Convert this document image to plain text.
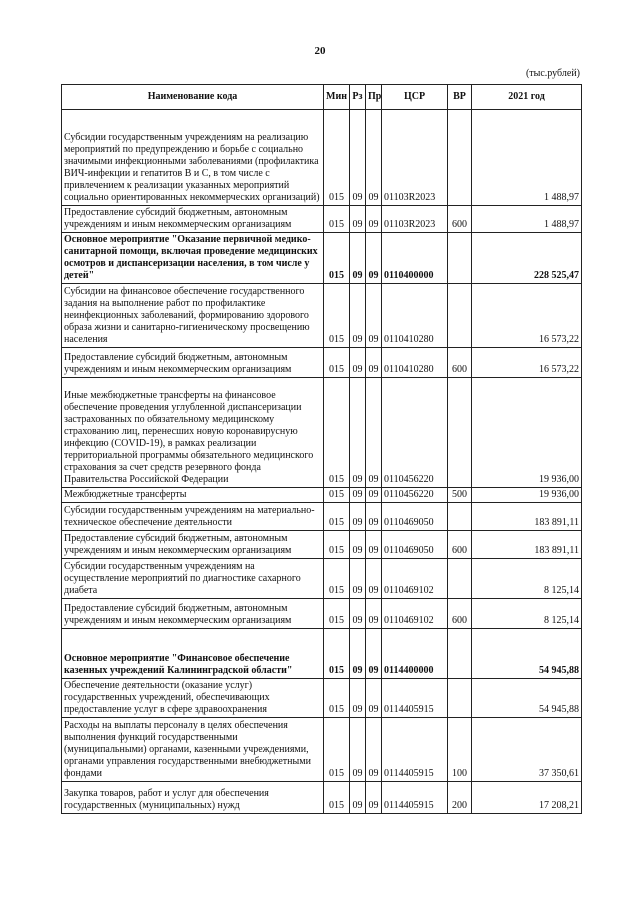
20
(тыс.рублей)
Наименование кода	Мин	Рз	Пр	ЦСР	ВР	2021 год
Субсидии государственным учреждениям на реализацию мероприятий по предупреждению и борьбе с социально значимыми инфекционными заболеваниями (профилактика ВИЧ-инфекции и гепатитов B и C, в том числе с привлечением к реализации указанных мероприятий социально ориентированных некоммерческих организаций)	015	09	09	01103R2023		1 488,97
Предоставление субсидий бюджетным, автономным учреждениям и иным некоммерческим организациям	015	09	09	01103R2023	600	1 488,97
Основное мероприятие "Оказание первичной медико-санитарной помощи, включая проведение медицинских осмотров и диспансеризации населения, в том числе у детей"	015	09	09	0110400000		228 525,47
Субсидии на финансовое обеспечение государственного задания на выполнение работ по профилактике неинфекционных заболеваний, формированию здорового образа жизни и санитарно-гигиеническому просвещению населения	015	09	09	0110410280		16 573,22
Предоставление субсидий бюджетным, автономным учреждениям и иным некоммерческим организациям	015	09	09	0110410280	600	16 573,22
Иные межбюджетные трансферты на финансовое обеспечение проведения углубленной диспансеризации застрахованных по обязательному медицинскому страхованию лиц, перенесших новую коронавирусную инфекцию (COVID-19), в рамках реализации территориальной программы обязательного медицинского страхования за счет средств резервного фонда Правительства Российской Федерации	015	09	09	0110456220		19 936,00
Межбюджетные трансферты	015	09	09	0110456220	500	19 936,00
Субсидии государственным учреждениям на материально-техническое обеспечение деятельности	015	09	09	0110469050		183 891,11
Предоставление субсидий бюджетным, автономным учреждениям и иным некоммерческим организациям	015	09	09	0110469050	600	183 891,11
Субсидии государственным учреждениям на осуществление мероприятий по диагностике сахарного диабета	015	09	09	0110469102		8 125,14
Предоставление субсидий бюджетным, автономным учреждениям и иным некоммерческим организациям	015	09	09	0110469102	600	8 125,14
Основное мероприятие "Финансовое обеспечение казенных учреждений Калининградской области"	015	09	09	0114400000		54 945,88
Обеспечение деятельности (оказание услуг) государственных учреждений, обеспечивающих предоставление услуг в сфере здравоохранения	015	09	09	0114405915		54 945,88
Расходы на выплаты персоналу в целях обеспечения выполнения функций государственными (муниципальными) органами, казенными учреждениями, органами управления государственными внебюджетными фондами	015	09	09	0114405915	100	37 350,61
Закупка товаров, работ и услуг для обеспечения государственных (муниципальных) нужд	015	09	09	0114405915	200	17 208,21
